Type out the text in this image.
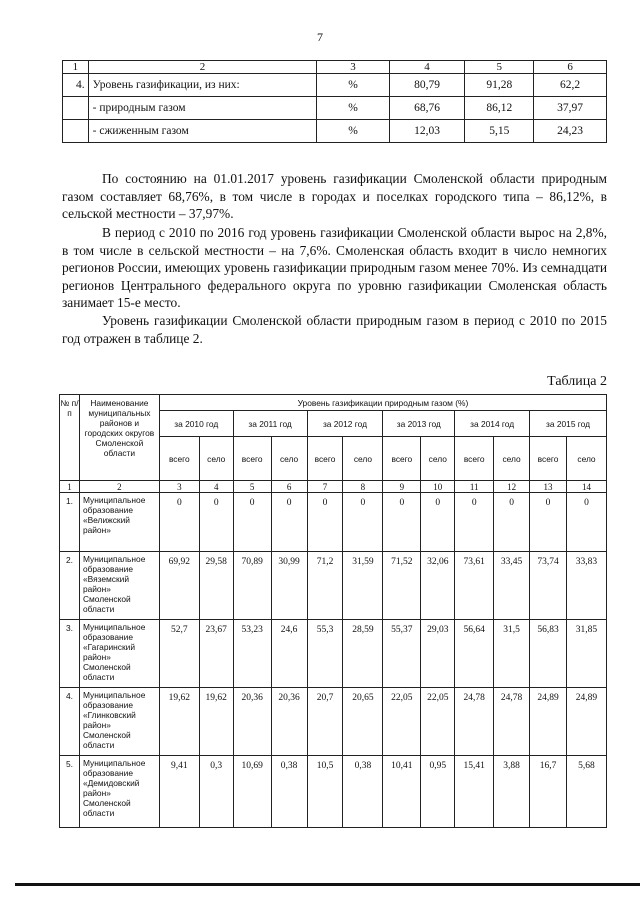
7
1	2	3	4	5	6
4.	Уровень газификации, из них:	%	80,79	91,28	62,2
	- природным газом	%	68,76	86,12	37,97
	- сжиженным газом	%	12,03	5,15	24,23

По состоянию на 01.01.2017 уровень газификации Смоленской области природным газом составляет 68,76%, в том числе в городах и поселках городского типа – 86,12%, в сельской местности – 37,97%.

В период с 2010 по 2016 год уровень газификации Смоленской области вырос на 2,8%, в том числе в сельской местности – на 7,6%. Смоленская область входит в число немногих регионов России, имеющих уровень газификации природным газом менее 70%. Из семнадцати регионов Центрального федерального округа по уровню газификации Смоленская область занимает 15-е место.

Уровень газификации Смоленской области природным газом в период с 2010 по 2015 год отражен в таблице 2.

Таблица 2
№ п/п	Наименование муниципальных районов и городских округов Смоленской области	Уровень газификации природным газом (%)											
		за 2010 год		за 2011 год		за 2012 год		за 2013 год		за 2014 год		за 2015 год	
		всего	село	всего	село	всего	село	всего	село	всего	село	всего	село
1	2	3	4	5	6	7	8	9	10	11	12	13	14
1.	Муниципальное образование «Велижский район»	0	0	0	0	0	0	0	0	0	0	0	0
2.	Муниципальное образование «Вяземский район» Смоленской области	69,92	29,58	70,89	30,99	71,2	31,59	71,52	32,06	73,61	33,45	73,74	33,83
3.	Муниципальное образование «Гагаринский район» Смоленской области	52,7	23,67	53,23	24,6	55,3	28,59	55,37	29,03	56,64	31,5	56,83	31,85
4.	Муниципальное образование «Глинковский район» Смоленской области	19,62	19,62	20,36	20,36	20,7	20,65	22,05	22,05	24,78	24,78	24,89	24,89
5.	Муниципальное образование «Демидовский район» Смоленской области	9,41	0,3	10,69	0,38	10,5	0,38	10,41	0,95	15,41	3,88	16,7	5,68
